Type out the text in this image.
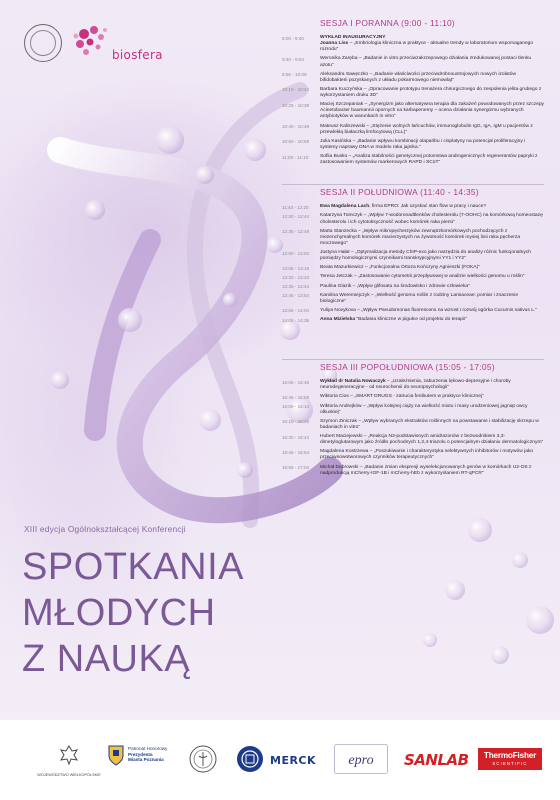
biosfera
SESJA I PORANNA (9:00 - 11:10)
9:00 - 9:40	WYKŁAD INAUGURACYJNY
Joanna Liss – „Embriologia kliniczna w praktyce - aktualne trendy w laboratorium wspomaganego rozrodu”
9:40 - 9:54	Weronika Zaręba – „Badanie in vitro przeciwzakrzepowego działania zredukowanej postaci tlenku azotu”
9:55 - 10:09	Aleksandra Sawęczko – „Badanie właściwości przeciwdrobnoustrojowych nowych izolatów bifidobakterii pozyskanych z układu pokarmowego niemowląt”
10:10 - 10:24	Barbara Kuczyńska – „Opracowanie prototypu trenażera chirurgicznego do zespolenia jelita grubego z wykorzystaniem druku 3D”
10:25 - 10:39	Maciej Szczepaniak – „Synergizm jako alternatywna terapia dla zakażeń powodowanych przez szczepy Acinetobacter baumannii opornych na karbapenemy – ocena działania synergizmu wybranych antybiotyków w warunkach in vitro”
10:40 - 10:49	Mateusz Kaliszewski – „Stężenie wolnych łańcuchów, immunoglobulin IgG, IgA, IgM u pacjentów z przewlekłą białaczką limfocytową (CLL)”
10:50 - 10:59	Julia Kasińska – „Badanie wpływu kombinacji olaparibu i cisplatyny na potencjał proliferacyjny i systemy naprawy DNA w modelu raka jajnika.”
11:00 - 11:10	Sofiia Busko – „Analiza stabilności genetycznej potomstwa androgenicznych regenerantów papryki z zastosowaniem systemów markerowych RAPD i SCoT”
SESJA II POŁUDNIOWA (11:40 - 14:35)
11:40 - 12:20	Ewa Magdalena Lach, firma EPRO: Jak uzyskać stan flow w pracy i nauce?
12:30 - 12:44	Katarzyna Tomczyk – „Wpływ 7-wodoronadtlenków cholesterolu (7-OOHC) na komórkową homeostazę cholesterolu i ich cytotoksyczność wobec komórek raka piersi”
12:35 - 12:49	Marta Stanzecka – „Wpływ mikropęcherzyków zewnątrzkomórkowych pochodzących z mezenchymalnych komórek macierzystych na żywotność komórek mysiej linii raka pęcherza moczowego”
12:50 - 13:04	Justyna Hałat – „Optymalizacja metody ChIP-exo jako narzędzia do analizy różnic funkcjonalnych pomiędzy homologicznymi czynnikami transkrypcyjnymi YY1 i YY2”
13:05 - 13:19	Beata Mazurkiewicz – „Funkcjonalna Ortoza Kończyny Agnieszki (FOKA)”
13:20 - 13:34	Teresa Jetczak – „Zastosowanie cytometrii przepływowej w analizie wielkości genomu u roślin”
13:35 - 13:44	Paulina Glazik – „Wpływ glifosatu na środowisko i zdrowie człowieka”
13:45 - 13:54	Karolina Weremiejczyk – „Wielkość genomu roślin z rodziny Lamiaceae: pomiar i znaczenie biologiczne”
13:55 - 14:04	Yuliya Novykova – „Wpływ Pseudomonas fluorescens na wzrost i rozwój ogórka Cucumis sativus L.”
14:05 - 14:35	Anna Mizielska "Badania kliniczne w pigułce od projektu do terapii"
SESJA III POPOŁUDNIOWA (15:05 - 17:05)
15:05 - 15:45	Wykład dr Natalia Nowaczyk – „Uzależnienia, zaburzenia lękowo-depresyjne i choroby neurodegeneracyjne - od neurochemii do neuropsychologii”
15:45 - 15:59	Wiktoria Cios – „SMART DRUGS - zatrucia fenibutem w praktyce klinicznej”
16:00 - 16:14	Wiktoria Andrejków – „Wpływ kolejnej ciąży na wielkość miotu i masy urodzeniowej jagniąt owcy olkuskiej”
16:15 - 16:29	Szymon Ziniczak – „Wpływ wybranych ekstraktów roślinnych na powstawanie i stabilizację skrzepu w badaniach in vitro”
16:30 - 16:44	Hubert Maciejewski – „Reakcja N3-podstawionych amidrazonów z bezwodnikiem 3,3- dimetyloglutarowym jako źródło pochodnych 1,2,4-triazolu o potencjalnym działaniu dermatologicznym”
16:45 - 16:54	Magdalena Kostrzewa – „Poszukiwanie i charakterystyka selektywnych inhibitorów i motywów jako przeciwnowotworowych czynników terapeutycznych”
16:55 - 17:04	Michał Dąbrowski – „Badanie zmian ekspresji wyselekcjonowanych genów w komórkach U2-OS z nadprodukcją mCherry-IGF-1B i mCherry-hEb z wykorzystaniem RT-qPCR”
XIII edycja Ogólnokształcącej Konferencji
SPOTKANIA
MŁODYCH
Z NAUKĄ
WOJEWÓDZTWO WIELKOPOLSKIE
Patronat Honorowy
Prezydenta
Miasta Poznania	MERCK epro SANLAB	ThermoFisher
SCIENTIFIC
